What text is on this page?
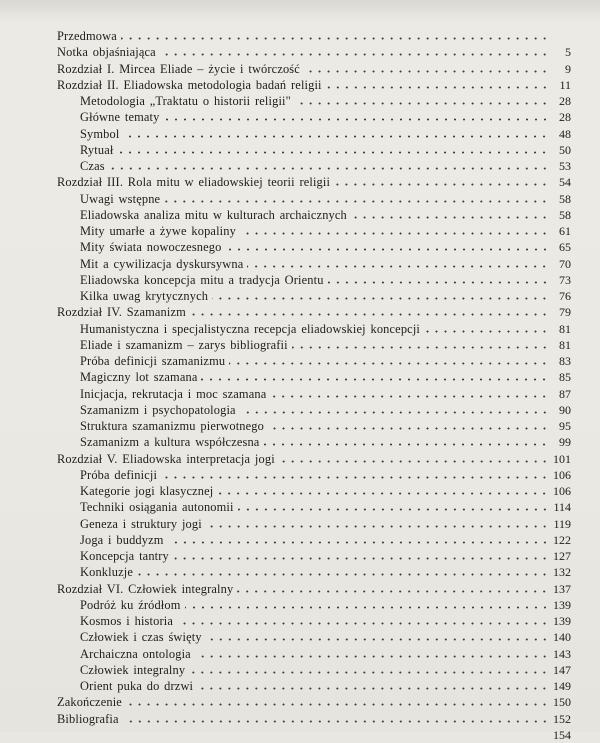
Przedmowa
Notka objaśniająca	5
Rozdział I. Mircea Eliade – życie i twórczość	9
Rozdział II. Eliadowska metodologia badań religii	11
Metodologia „Traktatu o historii religii"	28
Główne tematy	28
Symbol	48
Rytuał	50
Czas	53
Rozdział III. Rola mitu w eliadowskiej teorii religii	54
Uwagi wstępne	58
Eliadowska analiza mitu w kulturach archaicznych	58
Mity umarłe a żywe kopaliny	61
Mity świata nowoczesnego	65
Mit a cywilizacja dyskursywna	70
Eliadowska koncepcja mitu a tradycja Orientu	73
Kilka uwag krytycznych	76
Rozdział IV. Szamanizm	79
Humanistyczna i specjalistyczna recepcja eliadowskiej koncepcji	81
Eliade i szamanizm – zarys bibliografii	81
Próba definicji szamanizmu	83
Magiczny lot szamana	85
Inicjacja, rekrutacja i moc szamana	87
Szamanizm i psychopatologia	90
Struktura szamanizmu pierwotnego	95
Szamanizm a kultura współczesna	99
Rozdział V. Eliadowska interpretacja jogi	101
Próba definicji	106
Kategorie jogi klasycznej	106
Techniki osiągania autonomii	114
Geneza i struktury jogi	119
Joga i buddyzm	122
Koncepcja tantry	127
Konkluzje	132
Rozdział VI. Człowiek integralny	137
Podróż ku źródłom	139
Kosmos i historia	139
Człowiek i czas święty	140
Archaiczna ontologia	143
Człowiek integralny	147
Orient puka do drzwi	149
Zakończenie	150
Bibliografia	152
154
